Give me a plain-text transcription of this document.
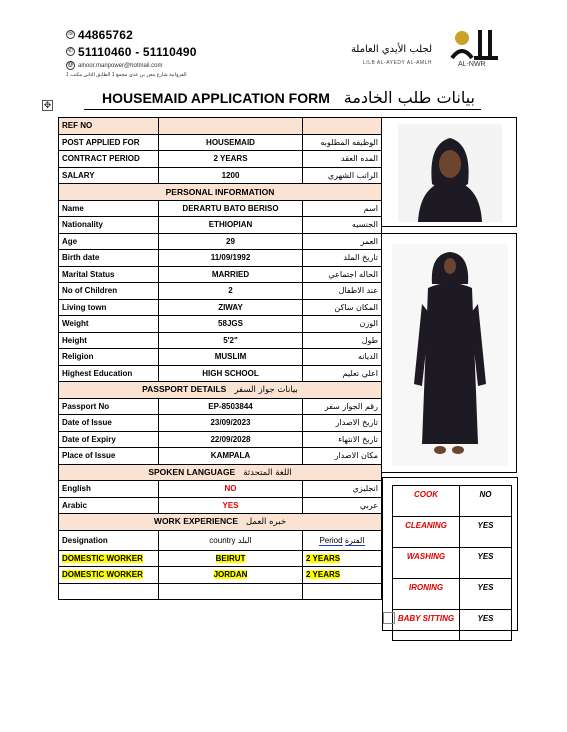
☏ 44865762
✆ 51110460 - 51110490
@ alnoor.manpower@hotmail.com
الفروانية شارع معن بن عدي مجمع 1 الطابق الثاني مكتب 1
لجلب الأيدي العاملة
LILB AL-AYEDY AL-AMLH	AL-NWR
✥	HOUSEMAID APPLICATION FORM بيانات طلب الخادمة
REF NO		
POST APPLIED FOR	HOUSEMAID	الوظيفه المطلوبه
CONTRACT PERIOD	2 YEARS	المده العقد
SALARY	1200	الراتب الشهري
PERSONAL INFORMATION		
Name	DERARTU BATO BERISO	اسم
Nationality	ETHIOPIAN	الجنسيه
Age	29	العمر
Birth date	11/09/1992	تاريخ الملد
Marital Status	MARRIED	الحاله اجتماعي
No of Children	2	عند الاطفال
Living town	ZIWAY	المكان ساكن
Weight	58JGS	الوزن
Height	5'2"	طول
Religion	MUSLIM	الديانه
Highest Education	HIGH SCHOOL	اعلي تعليم
PASSPORT DETAILS بيانات جواز السفر		
Passport No	EP-8503844	رقم الجواز سفر
Date of Issue	23/09/2023	تاريخ الاصدار
Date of Expiry	22/09/2028	تاريخ الانتهاء
Place of Issue	KAMPALA	مكان الاصدار
SPOKEN LANGUAGE اللغة المتحدثة		
English	NO	انجليزي
Arabic	YES	عربي
WORK EXPERIENCE خبره العمل		
Designation	country البلد	Period الفترة
DOMESTIC WORKER	BEIRUT	2 YEARS
DOMESTIC WORKER	JORDAN	2 YEARS

COOK	NO
CLEANING	YES
WASHING	YES
IRONING	YES
BABY SITTING	YES
